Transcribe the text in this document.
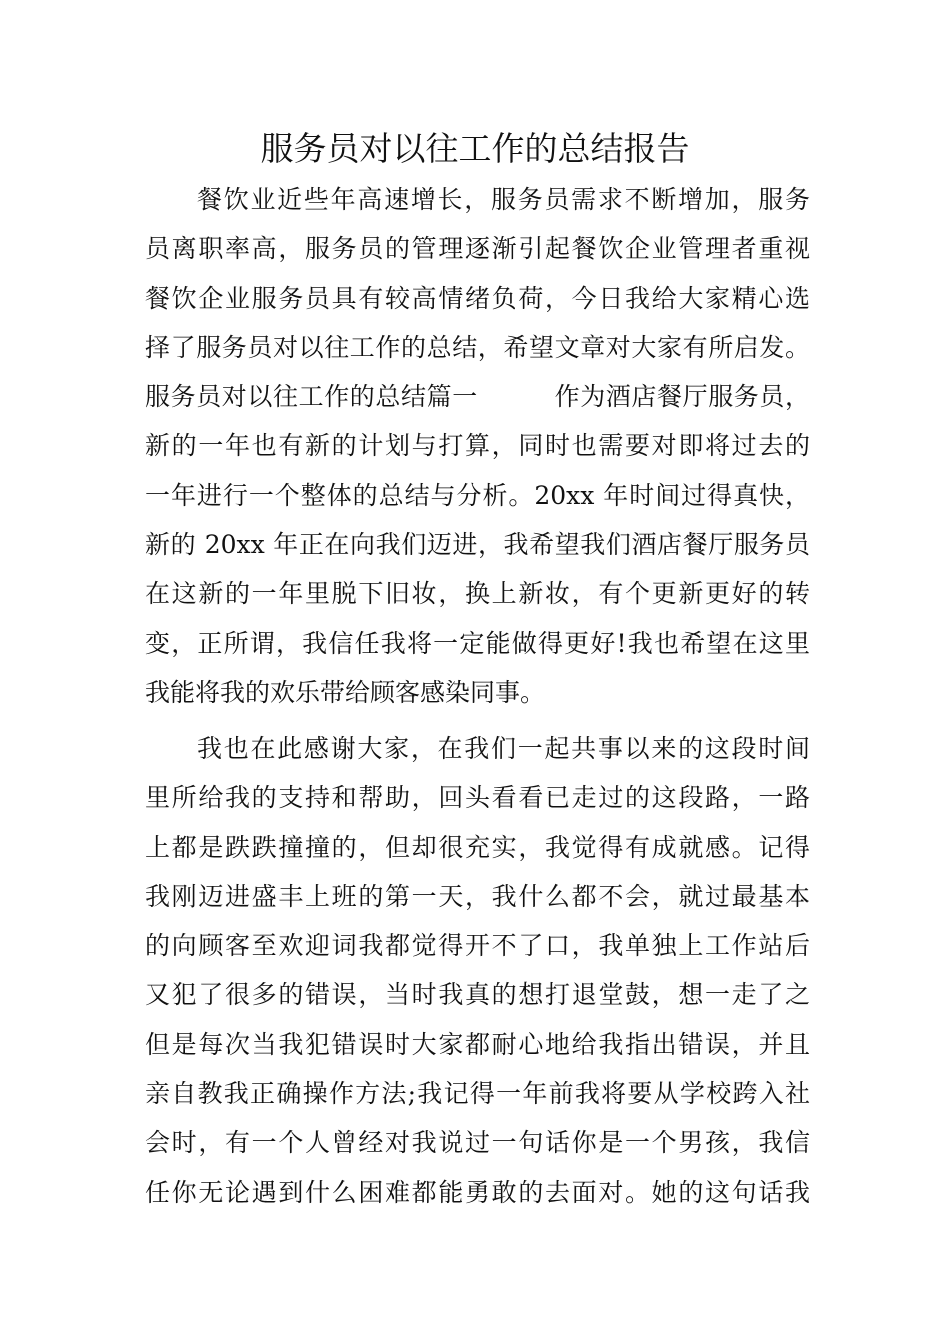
服务员对以往工作的总结报告
餐饮业近些年高速增长，服务员需求不断增加，服务
员离职率高，服务员的管理逐渐引起餐饮企业管理者重视
餐饮企业服务员具有较高情绪负荷，今日我给大家精心选
择了服务员对以往工作的总结，希望文章对大家有所启发。
服务员对以往工作的总结篇一　　　作为酒店餐厅服务员，
新的一年也有新的计划与打算，同时也需要对即将过去的
一年进行一个整体的总结与分析。20xx 年时间过得真快，
新的 20xx 年正在向我们迈进，我希望我们酒店餐厅服务员
在这新的一年里脱下旧妆，换上新妆，有个更新更好的转
变，正所谓，我信任我将一定能做得更好!我也希望在这里
我能将我的欢乐带给顾客感染同事。
我也在此感谢大家，在我们一起共事以来的这段时间
里所给我的支持和帮助，回头看看已走过的这段路，一路
上都是跌跌撞撞的，但却很充实，我觉得有成就感。记得
我刚迈进盛丰上班的第一天，我什么都不会，就过最基本
的向顾客至欢迎词我都觉得开不了口，我单独上工作站后
又犯了很多的错误，当时我真的想打退堂鼓，想一走了之
但是每次当我犯错误时大家都耐心地给我指出错误，并且
亲自教我正确操作方法;我记得一年前我将要从学校跨入社
会时，有一个人曾经对我说过一句话你是一个男孩，我信
任你无论遇到什么困难都能勇敢的去面对。她的这句话我
